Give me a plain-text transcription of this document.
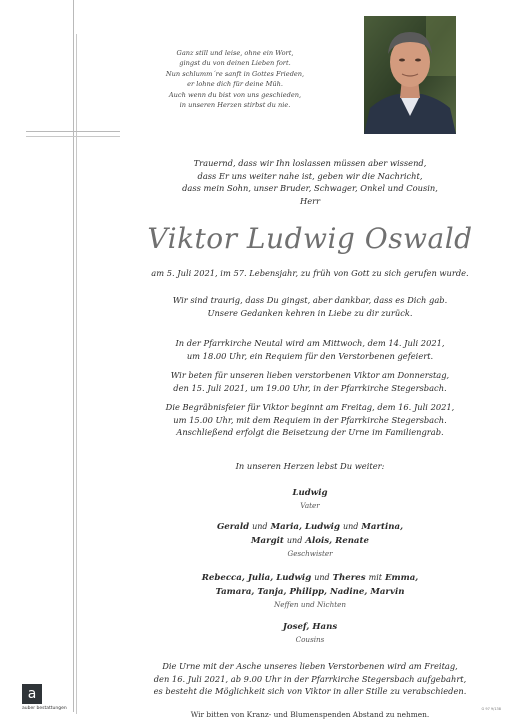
Ganz still und leise, ohne ein Wort,
gingst du von deinen Lieben fort.
Nun schlumm´re sanft in Gottes Frieden,
er lohne dich für deine Müh.
Auch wenn du bist von uns geschieden,
in unseren Herzen stirbst du nie.
Trauernd, dass wir Ihn loslassen müssen aber wissend,
dass Er uns weiter nahe ist, geben wir die Nachricht,
dass mein Sohn, unser Bruder, Schwager, Onkel und Cousin,
Herr
Viktor Ludwig Oswald
am 5. Juli 2021, im 57. Lebensjahr, zu früh von Gott zu sich gerufen wurde.
Wir sind traurig, dass Du gingst, aber dankbar, dass es Dich gab.
Unsere Gedanken kehren in Liebe zu dir zurück.
In der Pfarrkirche Neutal wird am Mittwoch, dem 14. Juli 2021,
um 18.00 Uhr, ein Requiem für den Verstorbenen gefeiert.
Wir beten für unseren lieben verstorbenen Viktor am Donnerstag,
den 15. Juli 2021, um 19.00 Uhr, in der Pfarrkirche Stegersbach.
Die Begräbnisfeier für Viktor beginnt am Freitag, dem 16. Juli 2021,
um 15.00 Uhr, mit dem Requiem in der Pfarrkirche Stegersbach.
Anschließend erfolgt die Beisetzung der Urne im Familiengrab.
In unseren Herzen lebst Du weiter:
Ludwig
Vater
Gerald und Maria, Ludwig und Martina,
Margit und Alois, Renate
Geschwister
Rebecca, Julia, Ludwig und Theres mit Emma,
Tamara, Tanja, Philipp, Nadine, Marvin
Neffen und Nichten
Josef, Hans
Cousins
Die Urne mit der Asche unseres lieben Verstorbenen wird am Freitag,
den 16. Juli 2021, ab 9.00 Uhr in der Pfarrkirche Stegersbach aufgebahrt,
es besteht die Möglichkeit sich von Viktor in aller Stille zu verabschieden.
Wir bitten von Kranz- und Blumenspenden Abstand zu nehmen.
a
auber bestattungen	G 97 9/138
